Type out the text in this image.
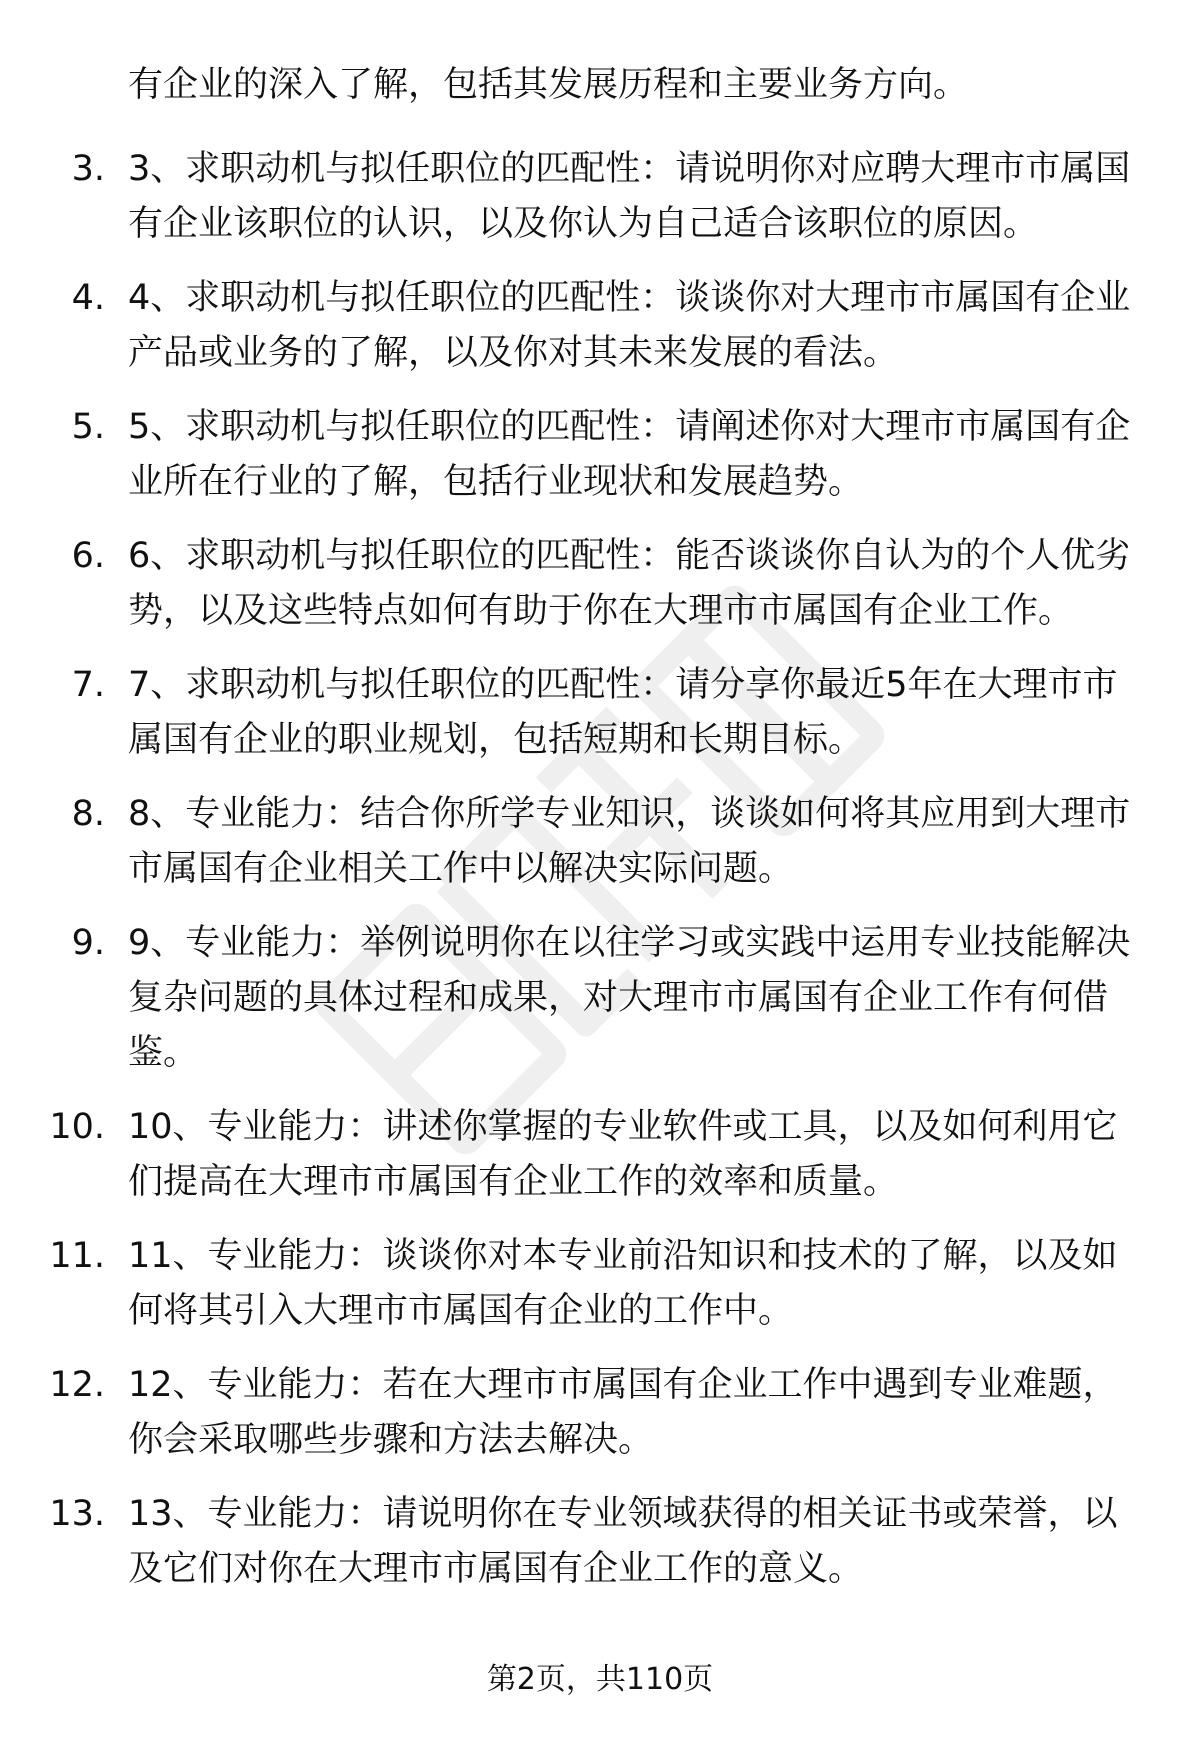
有企业的深入了解，包括其发展历程和主要业务方向。
3. 3、求职动机与拟任职位的匹配性：请说明你对应聘大理市市属国
有企业该职位的认识，以及你认为自己适合该职位的原因。
4. 4、求职动机与拟任职位的匹配性：谈谈你对大理市市属国有企业
产品或业务的了解，以及你对其未来发展的看法。
5. 5、求职动机与拟任职位的匹配性：请阐述你对大理市市属国有企
业所在行业的了解，包括行业现状和发展趋势。
6. 6、求职动机与拟任职位的匹配性：能否谈谈你自认为的个人优劣
势，以及这些特点如何有助于你在大理市市属国有企业工作。
7. 7、求职动机与拟任职位的匹配性：请分享你最近5年在大理市市
属国有企业的职业规划，包括短期和长期目标。
8. 8、专业能力：结合你所学专业知识，谈谈如何将其应用到大理市
市属国有企业相关工作中以解决实际问题。
9. 9、专业能力：举例说明你在以往学习或实践中运用专业技能解决
复杂问题的具体过程和成果，对大理市市属国有企业工作有何借
鉴。
10. 10、专业能力：讲述你掌握的专业软件或工具，以及如何利用它
们提高在大理市市属国有企业工作的效率和质量。
11. 11、专业能力：谈谈你对本专业前沿知识和技术的了解，以及如
何将其引入大理市市属国有企业的工作中。
12. 12、专业能力：若在大理市市属国有企业工作中遇到专业难题，
你会采取哪些步骤和方法去解决。
13. 13、专业能力：请说明你在专业领域获得的相关证书或荣誉，以
及它们对你在大理市市属国有企业工作的意义。
第2页，共110页
